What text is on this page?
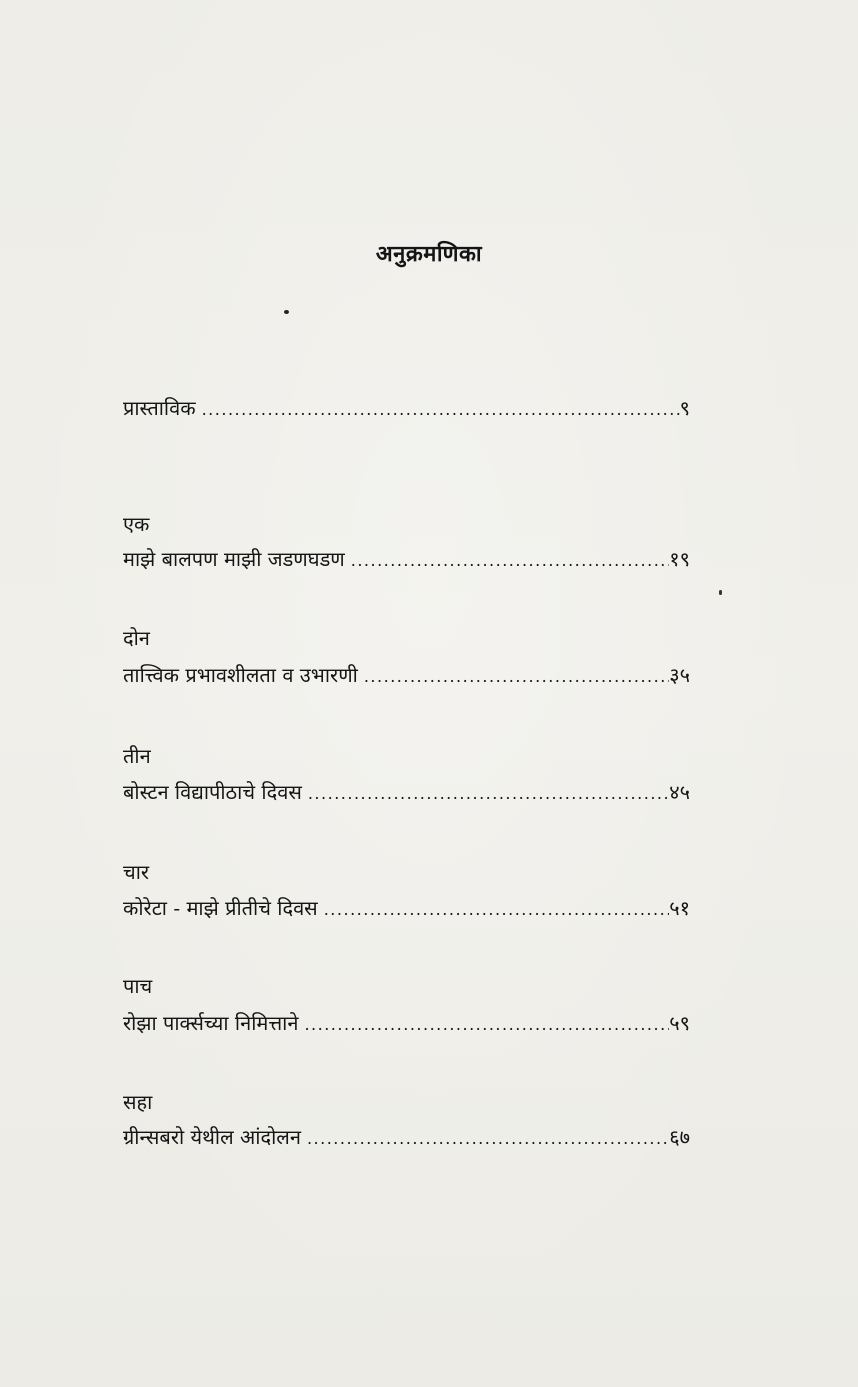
अनुक्रमणिका
प्रास्ताविक .....	९
एक
माझे बालपण माझी जडणघडण .....	१९
दोन
तात्त्विक प्रभावशीलता व उभारणी .....	३५
तीन
बोस्टन विद्यापीठाचे दिवस .....	४५
चार
कोरेटा - माझे प्रीतीचे दिवस .....	५१
पाच
रोझा पार्क्सच्या निमित्ताने .....	५९
सहा
ग्रीन्सबरो येथील आंदोलन .....	६७
